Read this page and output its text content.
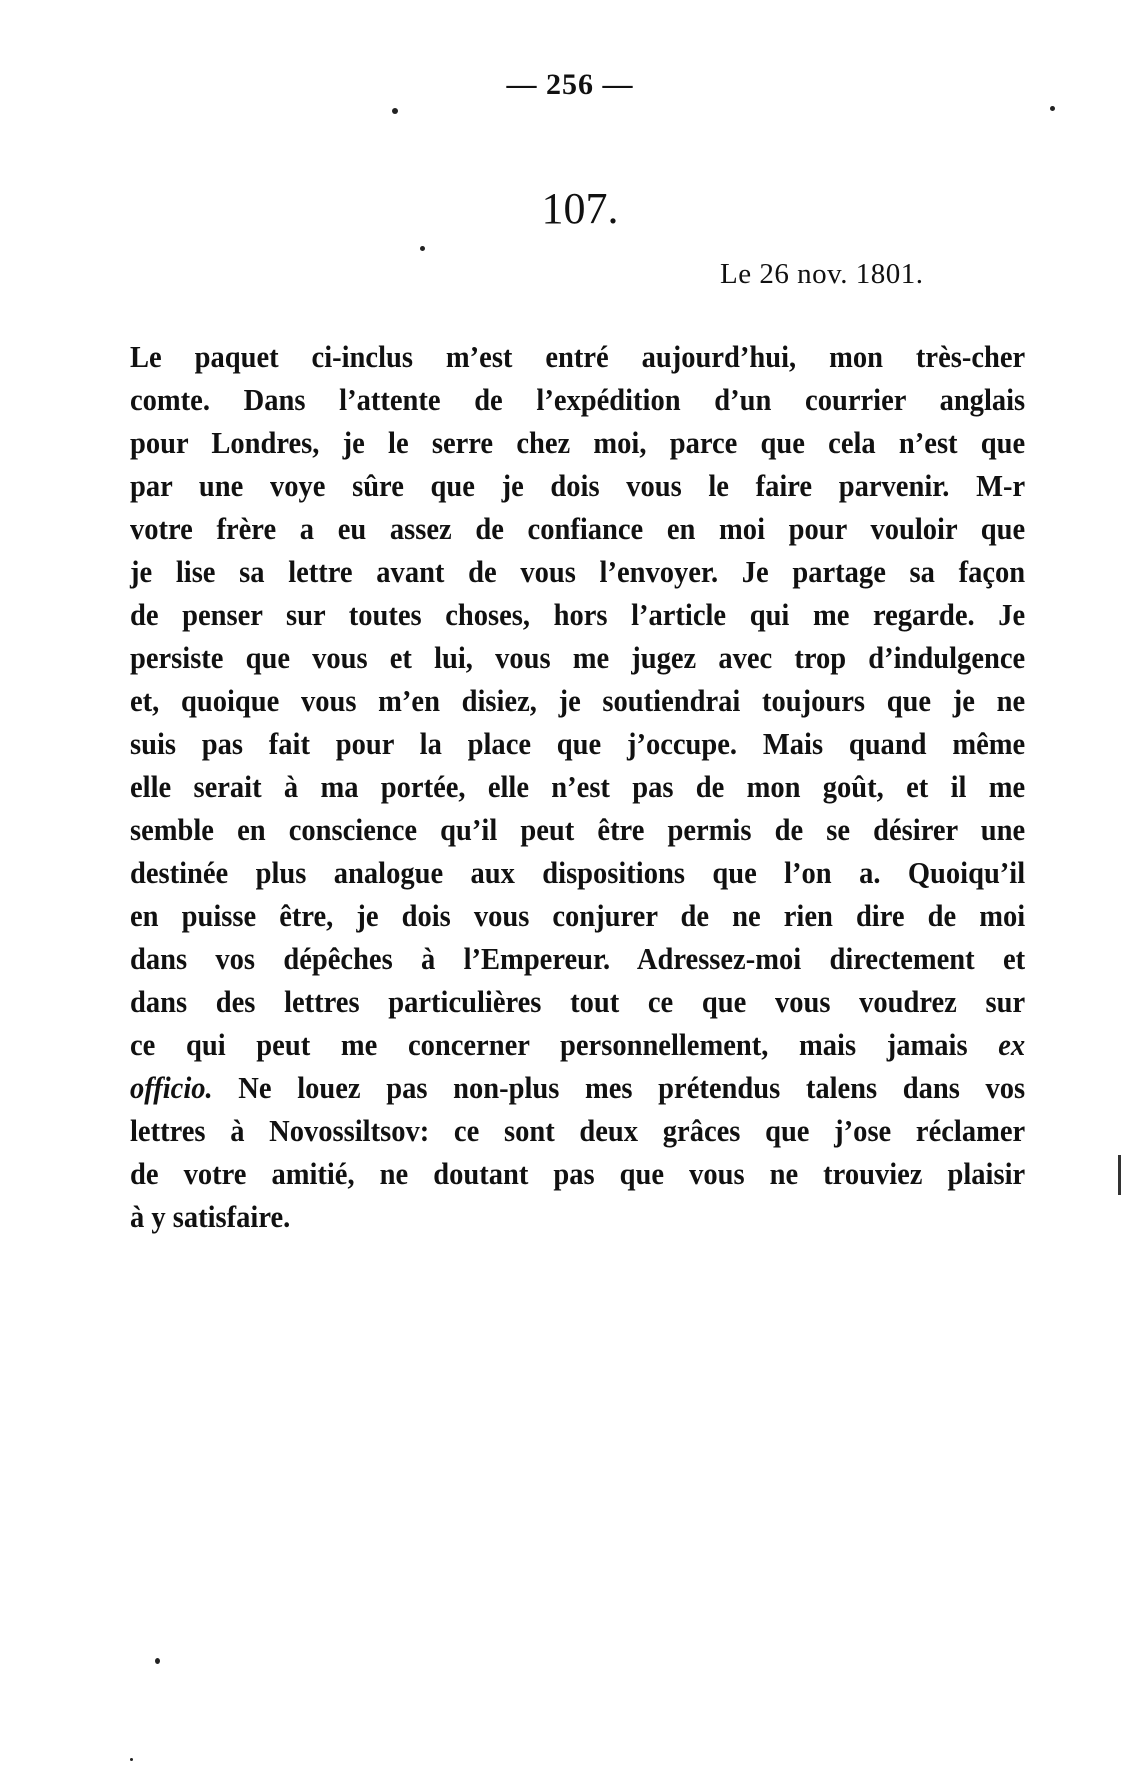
— 256 —
107.
Le 26 nov. 1801.
Le paquet ci-inclus m’est entré aujourd’hui, mon très-cher
comte. Dans l’attente de l’expédition d’un courrier anglais
pour Londres, je le serre chez moi, parce que cela n’est que
par une voye sûre que je dois vous le faire parvenir. M-r
votre frère a eu assez de confiance en moi pour vouloir que
je lise sa lettre avant de vous l’envoyer. Je partage sa façon
de penser sur toutes choses, hors l’article qui me regarde. Je
persiste que vous et lui, vous me jugez avec trop d’indulgence
et, quoique vous m’en disiez, je soutiendrai toujours que je ne
suis pas fait pour la place que j’occupe. Mais quand même
elle serait à ma portée, elle n’est pas de mon goût, et il me
semble en conscience qu’il peut être permis de se désirer une
destinée plus analogue aux dispositions que l’on a. Quoiqu’il
en puisse être, je dois vous conjurer de ne rien dire de moi
dans vos dépêches à l’Empereur. Adressez-moi directement et
dans des lettres particulières tout ce que vous voudrez sur
ce qui peut me concerner personnellement, mais jamais ex
officio. Ne louez pas non-plus mes prétendus talens dans vos
lettres à Novossiltsov: ce sont deux grâces que j’ose réclamer
de votre amitié, ne doutant pas que vous ne trouviez plaisir
à y satisfaire.
